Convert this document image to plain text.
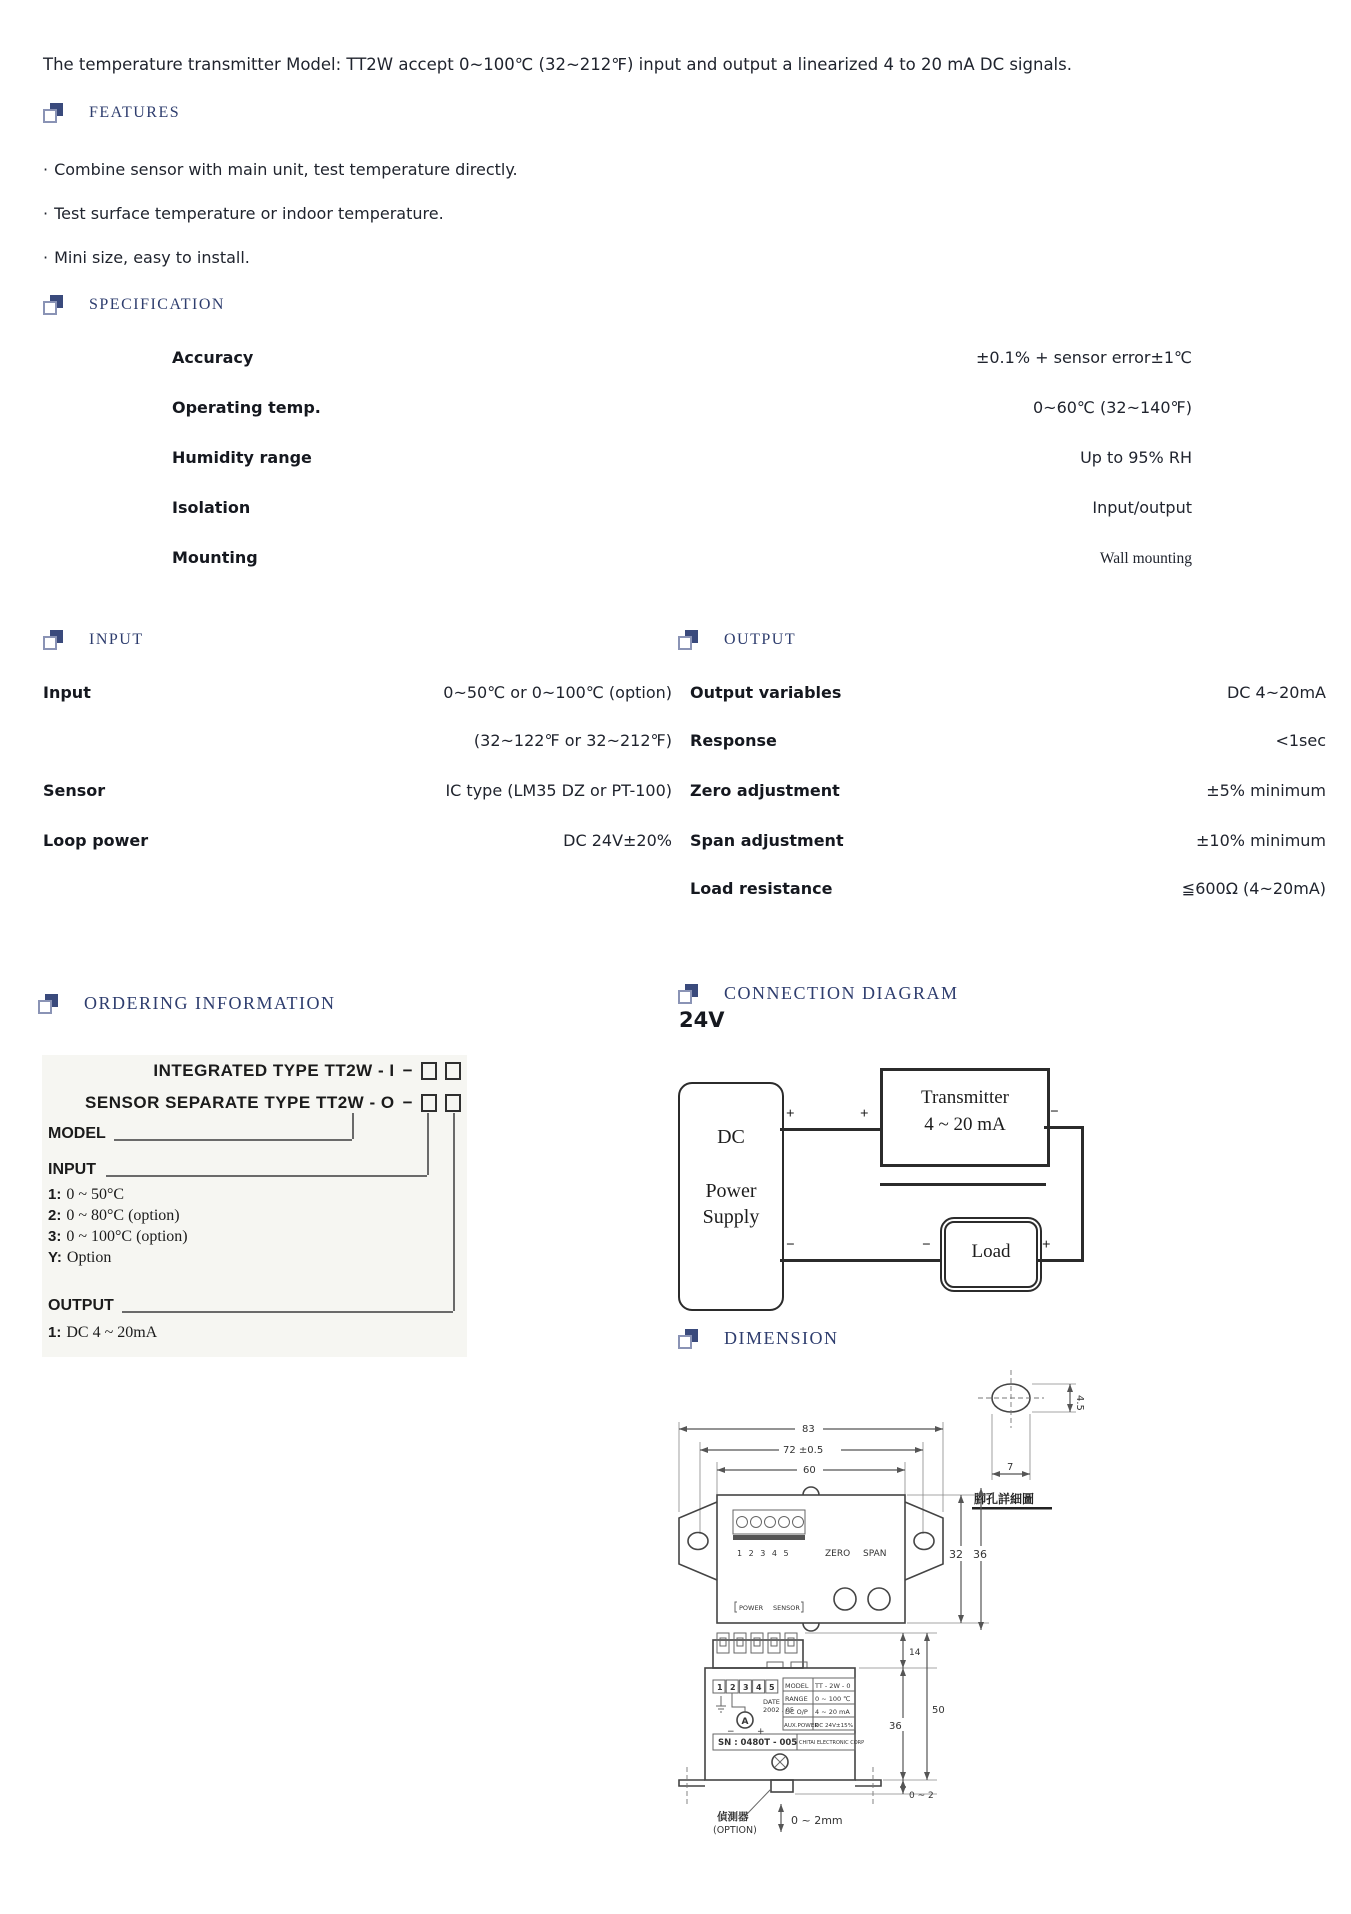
The temperature transmitter Model: TT2W accept 0~100℃ (32~212℉) input and output a linearized 4 to 20 mA DC signals.
FEATURES
· Combine sensor with main unit, test temperature directly.
· Test surface temperature or indoor temperature.
· Mini size, easy to install.
SPECIFICATION
Accuracy	±0.1% + sensor error±1℃
Operating temp.	0~60℃ (32~140℉)
Humidity range	Up to 95% RH
Isolation	Input/output
Mounting	Wall mounting
INPUT
Input	0~50℃ or 0~100℃ (option)
(32~122℉ or 32~212℉)
Sensor	IC type (LM35 DZ or PT-100)
Loop power	DC 24V±20%
OUTPUT
Output variables	DC 4~20mA
Response	<1sec
Zero adjustment	±5% minimum
Span adjustment	±10% minimum
Load resistance	≦600Ω (4~20mA)
ORDERING INFORMATION
INTEGRATED TYPE TT2W - I −
SENSOR SEPARATE TYPE TT2W - O −
MODEL
INPUT
1: 0 ~ 50°C
2: 0 ~ 80°C (option)
3: 0 ~ 100°C (option)
Y: Option
OUTPUT
1: DC 4 ~ 20mA
CONNECTION DIAGRAM
24V
DC
Power
Supply
Transmitter
4 ~ 20 mA
Load
+	+	−
+
−
−
DIMENSION
4.5
7
腳孔詳細圖
83
72 ±0.5
60
1 2 3 4 5	ZERO SPAN
POWER SENSOR
32 36
1 2 3 4 5 MODEL TT - 2W - 0
RANGE 0 ~ 100 ℃
DC O/P 4 ~ 20 mA
AUX.POWER
DC 24V±15%
SN : 0480T - 005 CHITAI ELECTRONIC CORP
A
− +
DATE
2002 . 05
14
36
50
0 ~ 2
偵測器
(OPTION)
0 ~ 2mm
